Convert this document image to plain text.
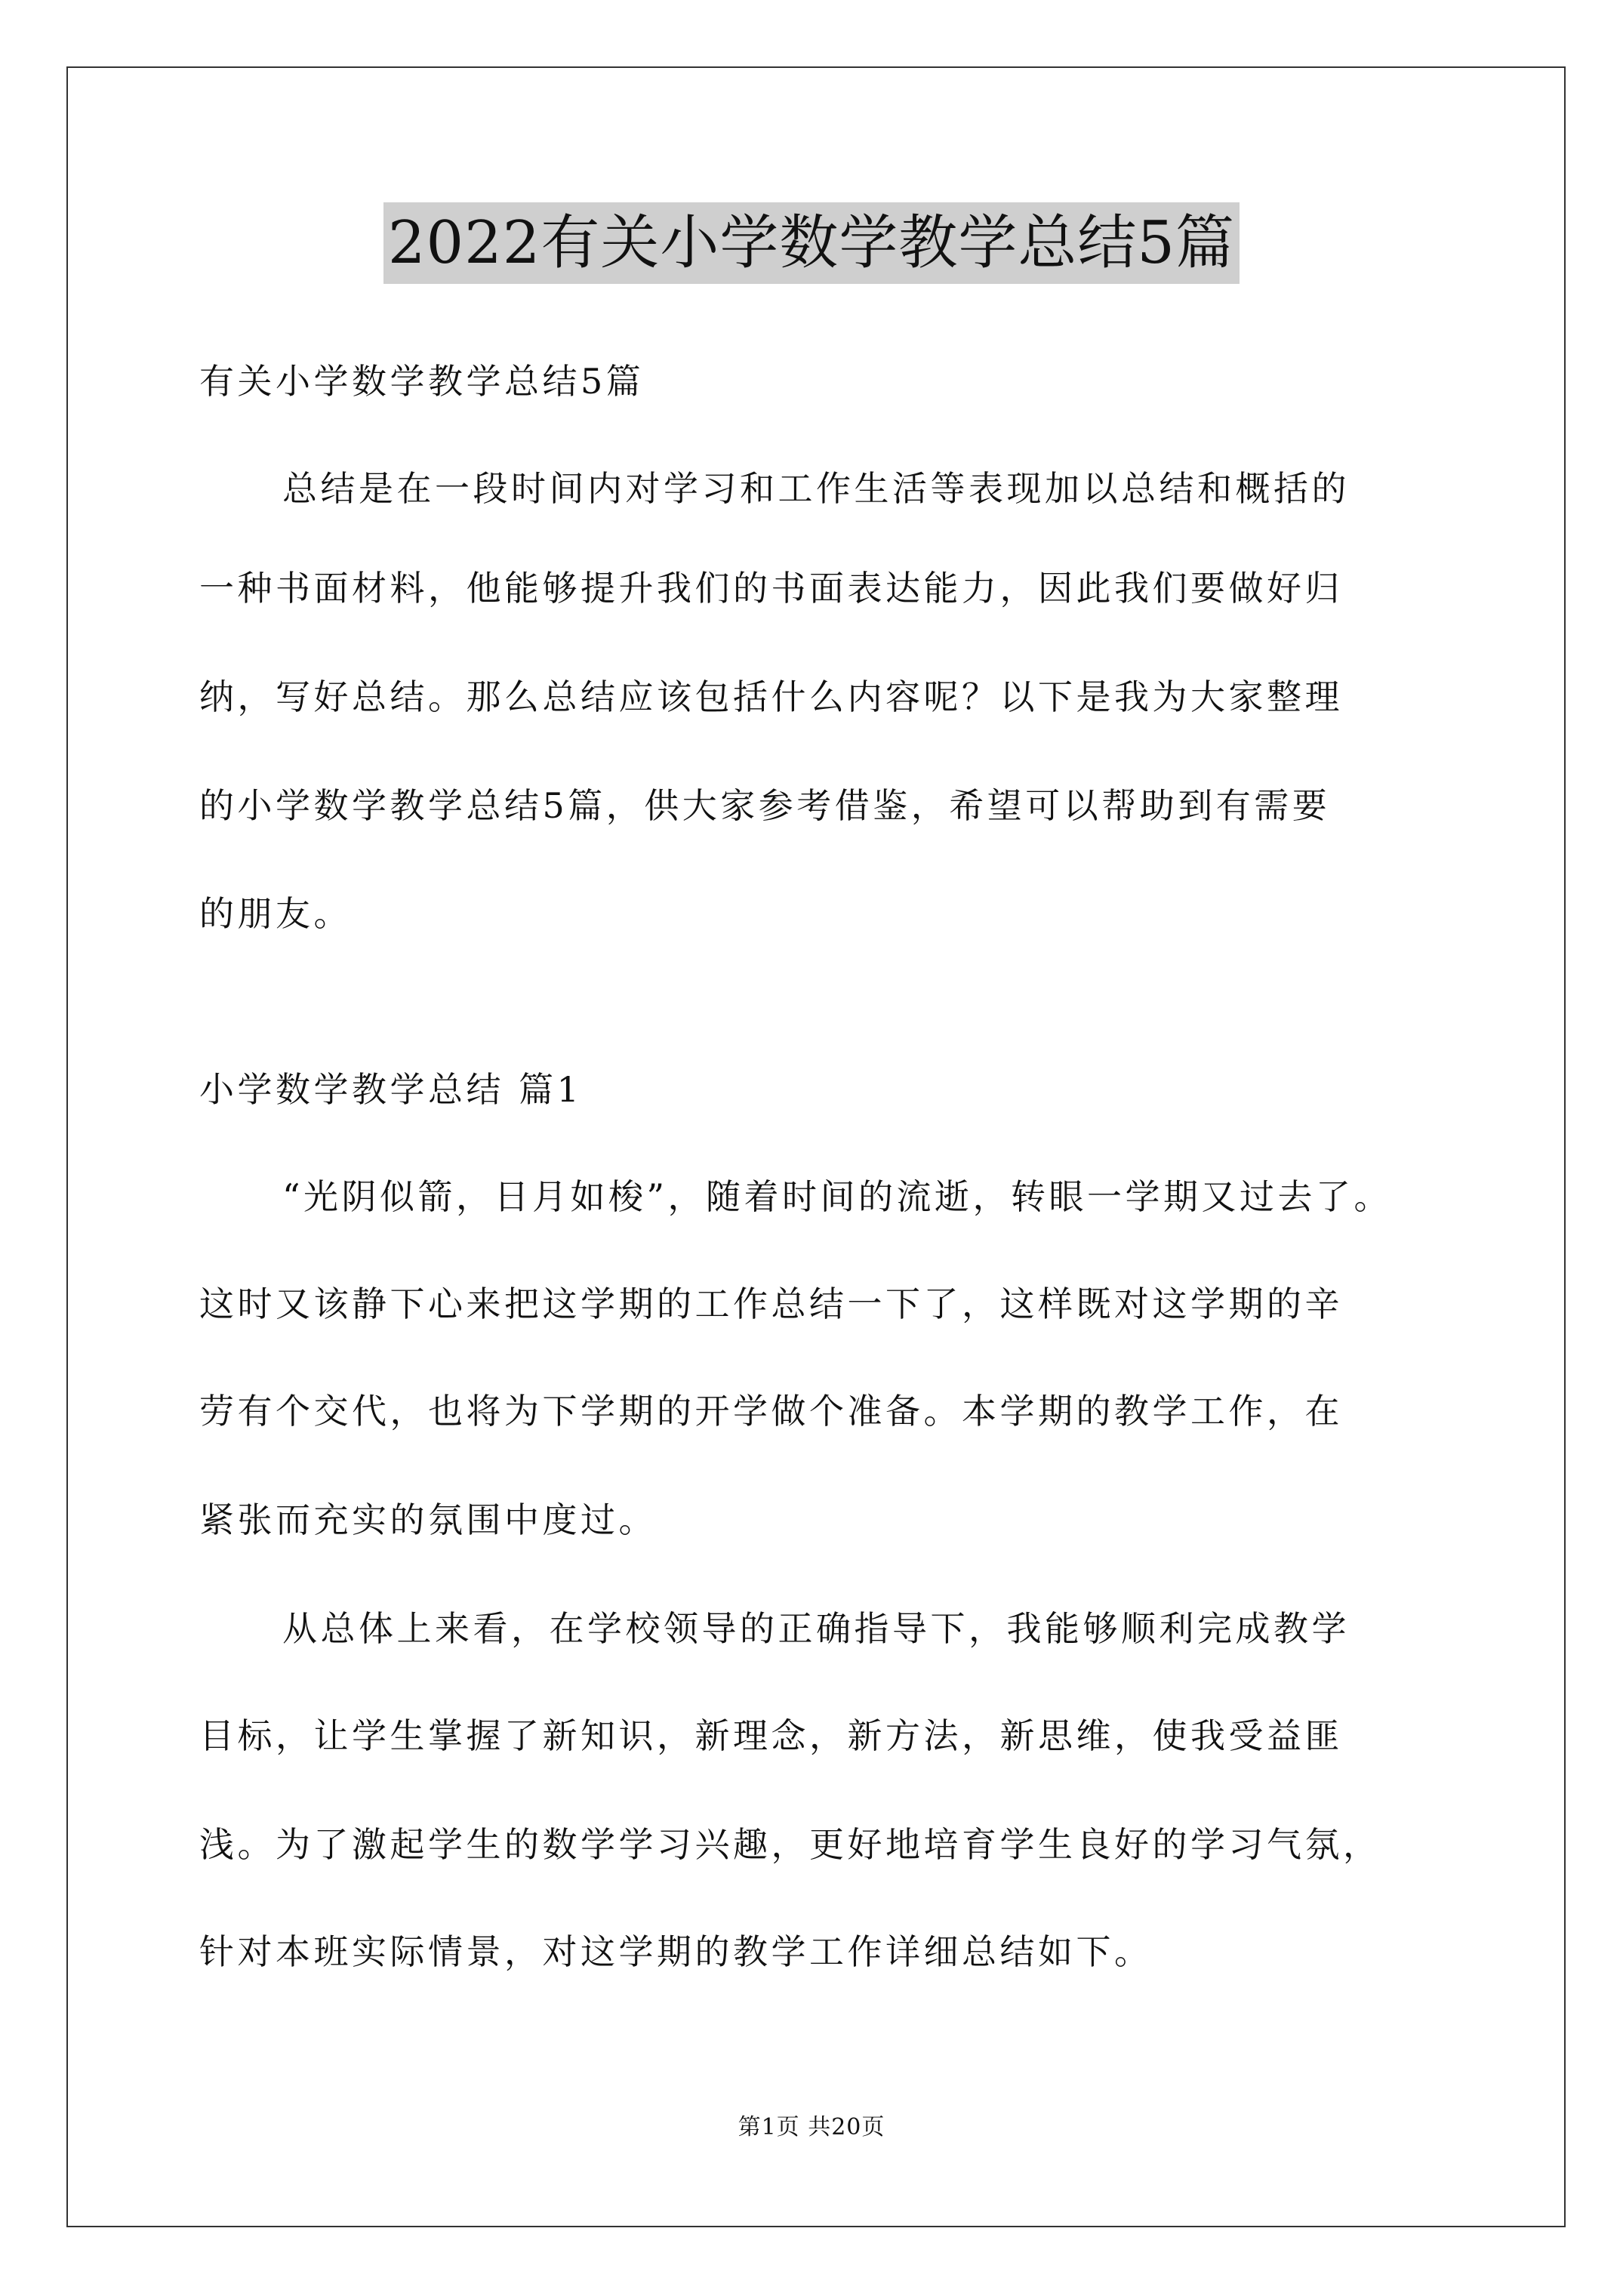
2022有关小学数学教学总结5篇
有关小学数学教学总结5篇
总结是在一段时间内对学习和工作生活等表现加以总结和概括的
一种书面材料，他能够提升我们的书面表达能力，因此我们要做好归
纳，写好总结。那么总结应该包括什么内容呢？以下是我为大家整理
的小学数学教学总结5篇，供大家参考借鉴，希望可以帮助到有需要
的朋友。
小学数学教学总结 篇1
“光阴似箭，日月如梭”，随着时间的流逝，转眼一学期又过去了。
这时又该静下心来把这学期的工作总结一下了，这样既对这学期的辛
劳有个交代，也将为下学期的开学做个准备。本学期的教学工作，在
紧张而充实的氛围中度过。
从总体上来看，在学校领导的正确指导下，我能够顺利完成教学
目标，让学生掌握了新知识，新理念，新方法，新思维，使我受益匪
浅。为了激起学生的数学学习兴趣，更好地培育学生良好的学习气氛，
针对本班实际情景，对这学期的教学工作详细总结如下。
第1页 共20页
